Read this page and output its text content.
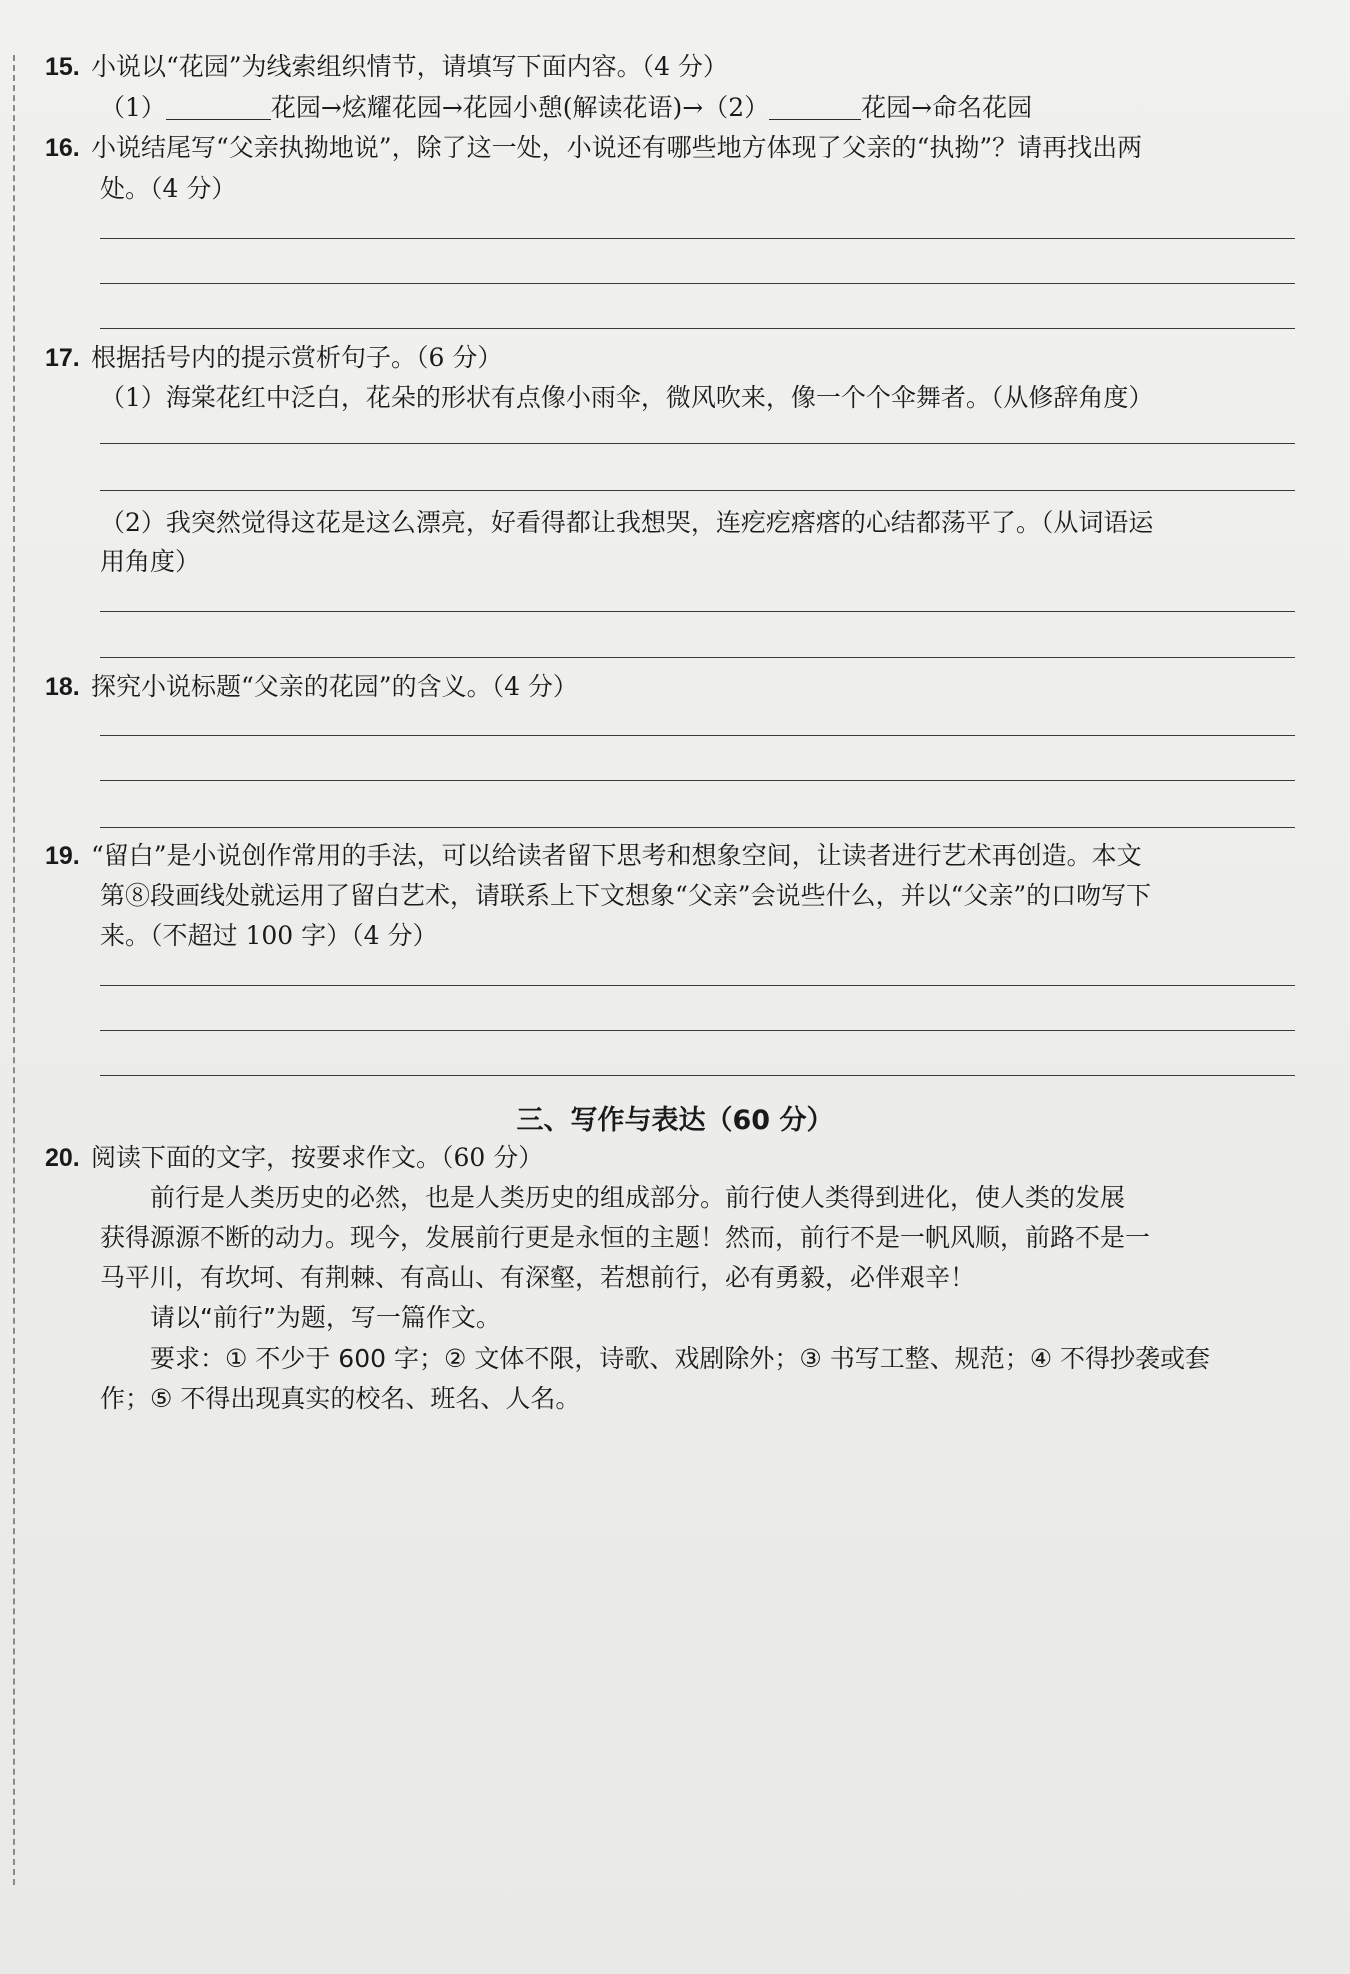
15. 小说以“花园”为线索组织情节，请填写下面内容。（4 分）
（1）	花园→炫耀花园→花园小憩(解读花语)→（2）	花园→命名花园
16. 小说结尾写“父亲执拗地说”，除了这一处，小说还有哪些地方体现了父亲的“执拗”？请再找出两
处。（4 分）
17. 根据括号内的提示赏析句子。（6 分）
（1）海棠花红中泛白，花朵的形状有点像小雨伞，微风吹来，像一个个伞舞者。（从修辞角度）
（2）我突然觉得这花是这么漂亮，好看得都让我想哭，连疙疙瘩瘩的心结都荡平了。（从词语运
用角度）
18. 探究小说标题“父亲的花园”的含义。（4 分）
19. “留白”是小说创作常用的手法，可以给读者留下思考和想象空间，让读者进行艺术再创造。本文
第⑧段画线处就运用了留白艺术，请联系上下文想象“父亲”会说些什么，并以“父亲”的口吻写下
来。（不超过 100 字）（4 分）
三、写作与表达（60 分）
20. 阅读下面的文字，按要求作文。（60 分）
前行是人类历史的必然，也是人类历史的组成部分。前行使人类得到进化，使人类的发展
获得源源不断的动力。现今，发展前行更是永恒的主题！然而，前行不是一帆风顺，前路不是一
马平川，有坎坷、有荆棘、有高山、有深壑，若想前行，必有勇毅，必伴艰辛！
请以“前行”为题，写一篇作文。
要求：① 不少于 600 字；② 文体不限，诗歌、戏剧除外；③ 书写工整、规范；④ 不得抄袭或套
作；⑤ 不得出现真实的校名、班名、人名。
